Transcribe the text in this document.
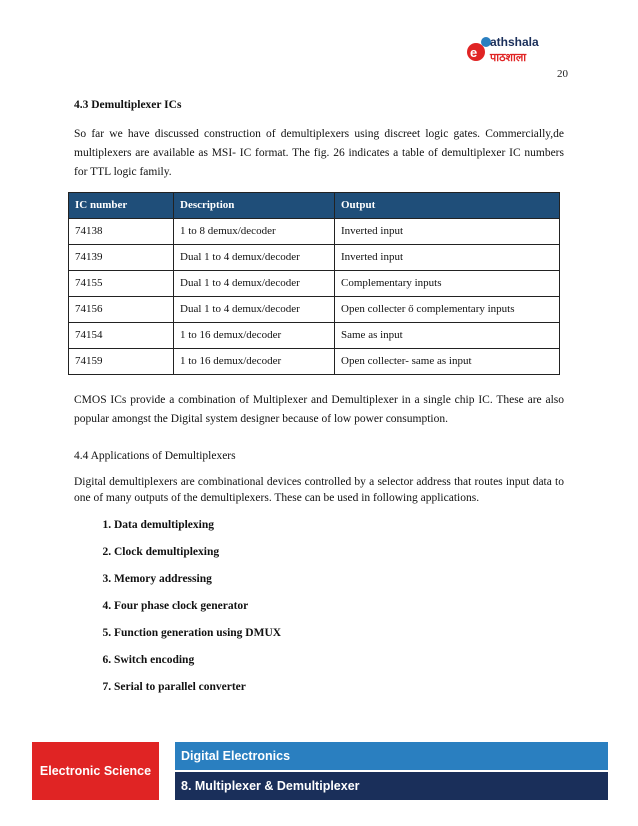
e
athshala
पाठशाला
20
4.3 Demultiplexer ICs
So far we have discussed construction of demultiplexers using discreet logic gates. Commercially,de multiplexers are available as MSI- IC format. The fig. 26 indicates a table of demultiplexer IC numbers for TTL logic family.
IC number	Description	Output
74138	1 to 8 demux/decoder	Inverted input
74139	Dual 1 to 4 demux/decoder	Inverted input
74155	Dual 1 to 4 demux/decoder	Complementary inputs
74156	Dual 1 to 4 demux/decoder	Open collecter ő complementary inputs
74154	1 to 16 demux/decoder	Same as input
74159	1 to 16 demux/decoder	Open collecter- same as input
CMOS ICs provide a combination of Multiplexer and Demultiplexer in a single chip IC. These are also popular amongst the Digital system designer because of low power consumption.
4.4 Applications of Demultiplexers
Digital demultiplexers are combinational devices controlled by a selector address that routes input data to one of many outputs of the demultiplexers. These can be used in following applications.
1. Data demultiplexing
2. Clock demultiplexing
3. Memory addressing
4. Four phase clock generator
5. Function generation using DMUX
6. Switch encoding
7. Serial to parallel converter
Electronic Science
Digital Electronics
8. Multiplexer & Demultiplexer
